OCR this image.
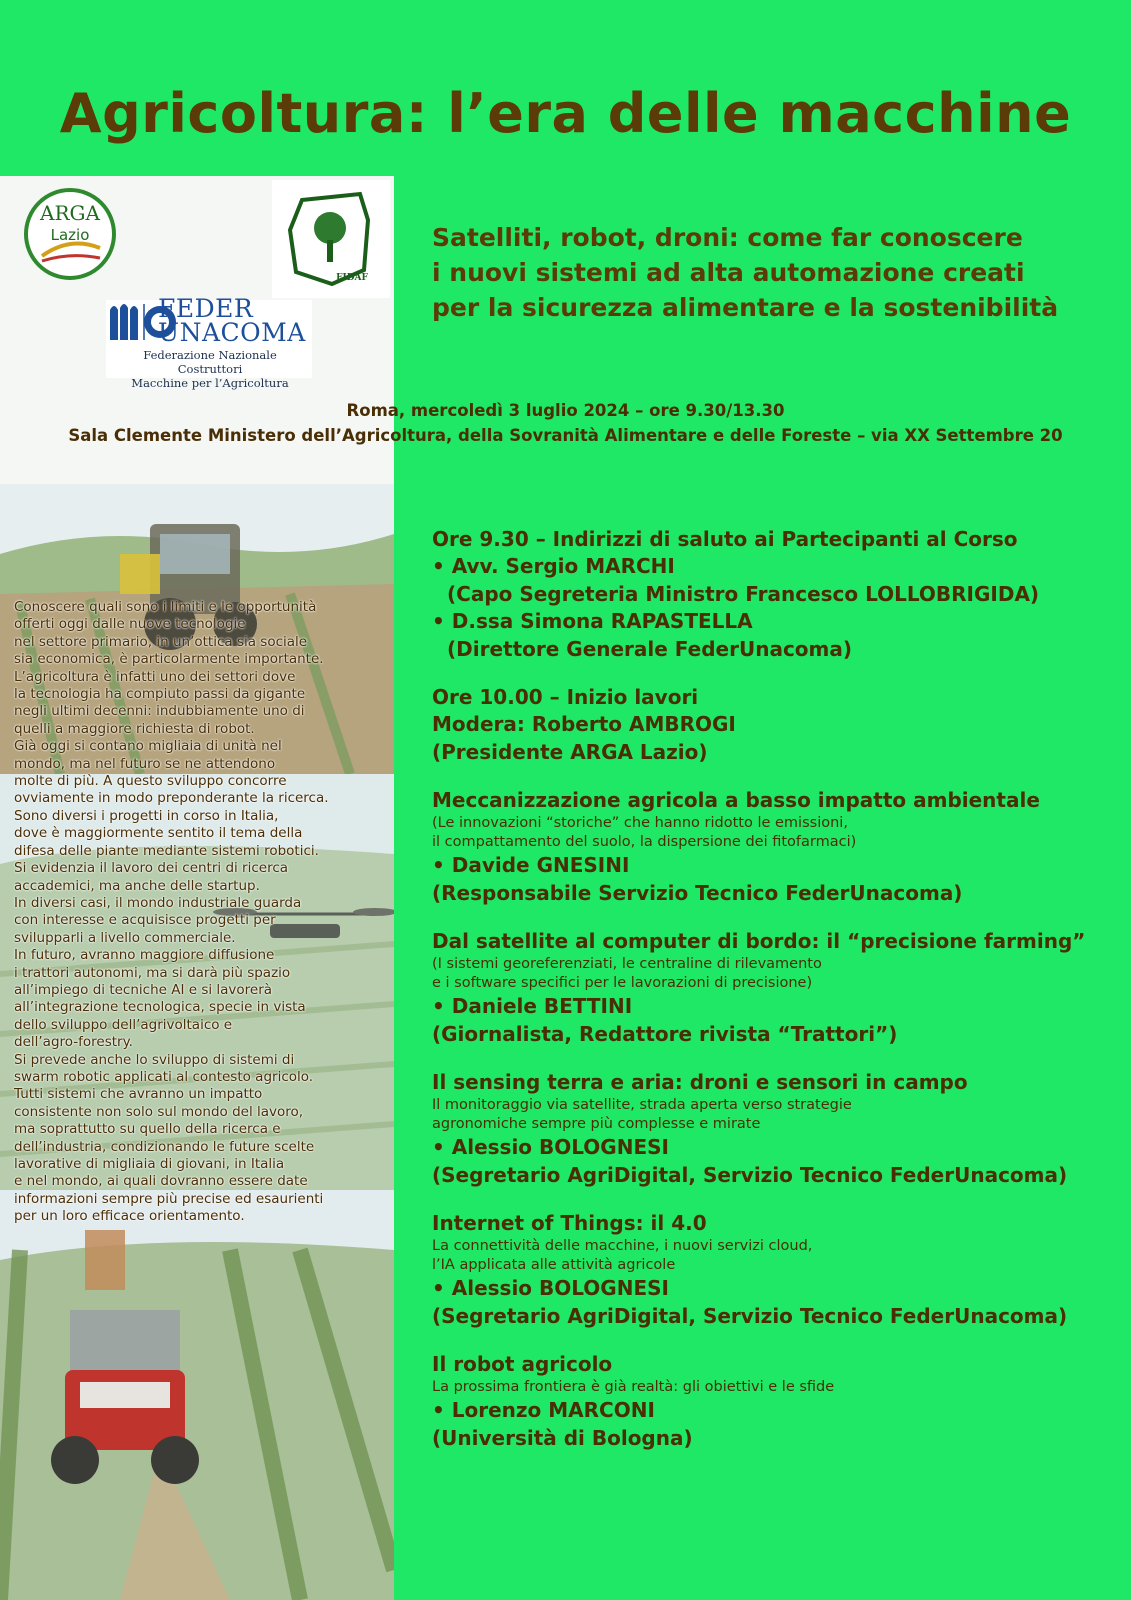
Agricoltura: l’era delle macchine
ARGA
Lazio
FIDAF
FEDER
UNACOMA
Federazione Nazionale Costruttori
Macchine per l’Agricoltura
Satelliti, robot, droni: come far conoscere
i nuovi sistemi ad alta automazione creati
per la sicurezza alimentare e la sostenibilità
Roma, mercoledì 3 luglio 2024 – ore 9.30/13.30
Sala Clemente Ministero dell’Agricoltura, della Sovranità Alimentare e delle Foreste – via XX Settembre 20
Conoscere quali sono i limiti e le opportunità
offerti oggi dalle nuove tecnologie
nel settore primario, in un’ottica sia sociale
sia economica, è particolarmente importante.
L’agricoltura è infatti uno dei settori dove
la tecnologia ha compiuto passi da gigante
negli ultimi decenni: indubbiamente uno di
quelli a maggiore richiesta di robot.
Già oggi si contano migliaia di unità nel
mondo, ma nel futuro se ne attendono
molte di più. A questo sviluppo concorre
ovviamente in modo preponderante la ricerca.
Sono diversi i progetti in corso in Italia,
dove è maggiormente sentito il tema della
difesa delle piante mediante sistemi robotici.
Si evidenzia il lavoro dei centri di ricerca
accademici, ma anche delle startup.
In diversi casi, il mondo industriale guarda
con interesse e acquisisce progetti per
svilupparli a livello commerciale.
In futuro, avranno maggiore diffusione
i trattori autonomi, ma si darà più spazio
all’impiego di tecniche AI e si lavorerà
all’integrazione tecnologica, specie in vista
dello sviluppo dell’agrivoltaico e
dell’agro-forestry.
Si prevede anche lo sviluppo di sistemi di
swarm robotic applicati al contesto agricolo.
Tutti sistemi che avranno un impatto
consistente non solo sul mondo del lavoro,
ma soprattutto su quello della ricerca e
dell’industria, condizionando le future scelte
lavorative di migliaia di giovani, in Italia
e nel mondo, ai quali dovranno essere date
informazioni sempre più precise ed esaurienti
per un loro efficace orientamento.
Ore 9.30 – Indirizzi di saluto ai Partecipanti al Corso
• Avv. Sergio MARCHI
(Capo Segreteria Ministro Francesco LOLLOBRIGIDA)
• D.ssa Simona RAPASTELLA
(Direttore Generale FederUnacoma)
Ore 10.00 – Inizio lavori
Modera: Roberto AMBROGI
(Presidente ARGA Lazio)
Meccanizzazione agricola a basso impatto ambientale
(Le innovazioni “storiche” che hanno ridotto le emissioni,
il compattamento del suolo, la dispersione dei fitofarmaci)
• Davide GNESINI
(Responsabile Servizio Tecnico FederUnacoma)
Dal satellite al computer di bordo: il “precisione farming”
(I sistemi georeferenziati, le centraline di rilevamento
e i software specifici per le lavorazioni di precisione)
• Daniele BETTINI
(Giornalista, Redattore rivista “Trattori”)
Il sensing terra e aria: droni e sensori in campo
Il monitoraggio via satellite, strada aperta verso strategie
agronomiche sempre più complesse e mirate
• Alessio BOLOGNESI
(Segretario AgriDigital, Servizio Tecnico FederUnacoma)
Internet of Things: il 4.0
La connettività delle macchine, i nuovi servizi cloud,
l’IA applicata alle attività agricole
• Alessio BOLOGNESI
(Segretario AgriDigital, Servizio Tecnico FederUnacoma)
Il robot agricolo
La prossima frontiera è già realtà: gli obiettivi e le sfide
• Lorenzo MARCONI
(Università di Bologna)
